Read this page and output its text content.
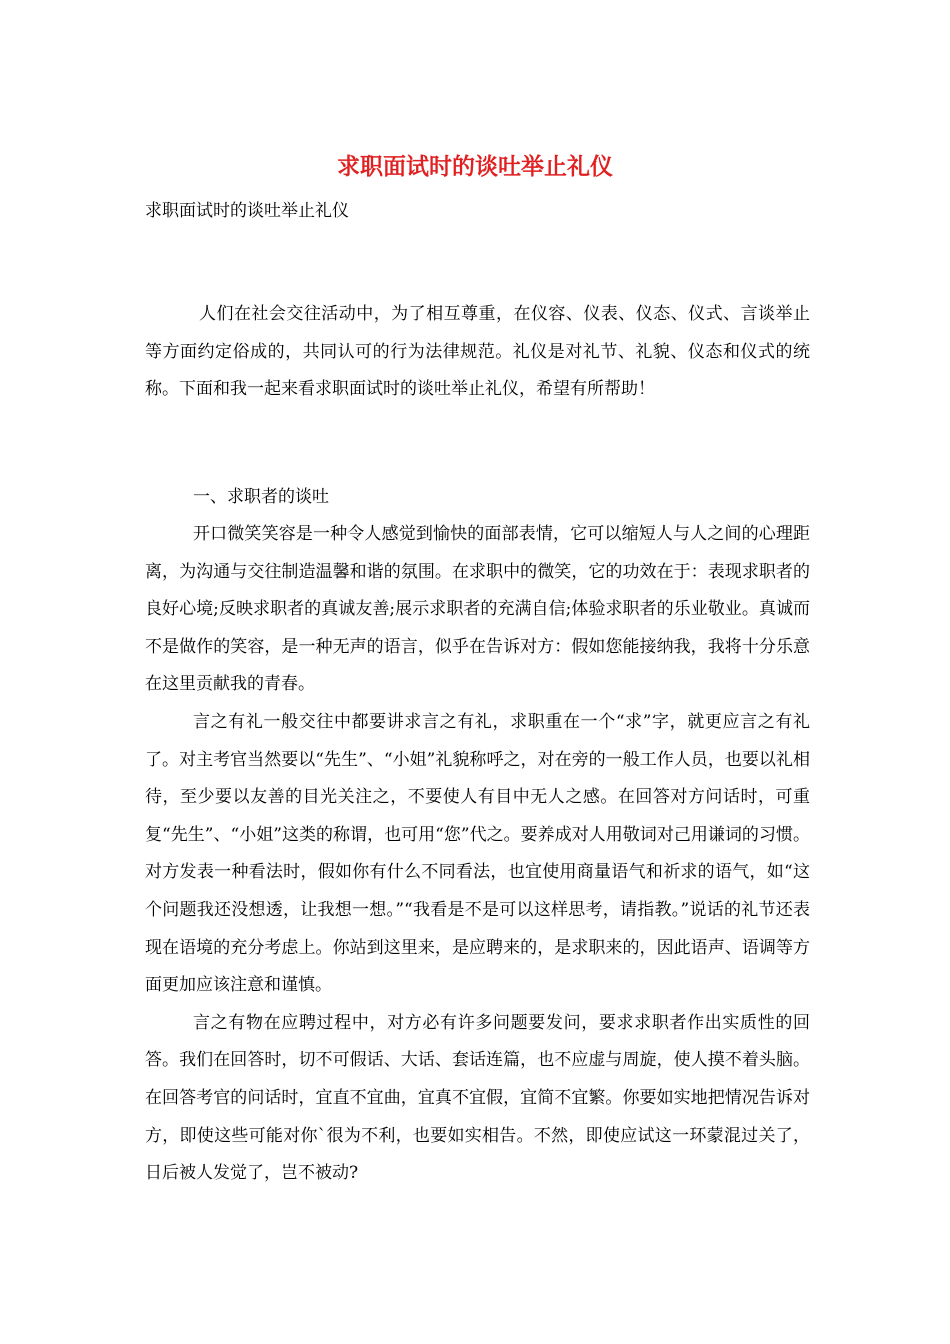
求职面试时的谈吐举止礼仪

求职面试时的谈吐举止礼仪

人们在社会交往活动中，为了相互尊重，在仪容、仪表、仪态、仪式、言谈举止等方面约定俗成的，共同认可的行为法律规范。礼仪是对礼节、礼貌、仪态和仪式的统称。下面和我一起来看求职面试时的谈吐举止礼仪，希望有所帮助！

一、求职者的谈吐

开口微笑笑容是一种令人感觉到愉快的面部表情，它可以缩短人与人之间的心理距离，为沟通与交往制造温馨和谐的氛围。在求职中的微笑，它的功效在于：表现求职者的良好心境;反映求职者的真诚友善;展示求职者的充满自信;体验求职者的乐业敬业。真诚而不是做作的笑容，是一种无声的语言，似乎在告诉对方：假如您能接纳我，我将十分乐意在这里贡献我的青春。

言之有礼一般交往中都要讲求言之有礼，求职重在一个“求”字，就更应言之有礼了。对主考官当然要以“先生”、“小姐”礼貌称呼之，对在旁的一般工作人员，也要以礼相待，至少要以友善的目光关注之，不要使人有目中无人之感。在回答对方问话时，可重复“先生”、“小姐”这类的称谓，也可用“您”代之。要养成对人用敬词对己用谦词的习惯。对方发表一种看法时，假如你有什么不同看法，也宜使用商量语气和祈求的语气，如“这个问题我还没想透，让我想一想。”“我看是不是可以这样思考，请指教。”说话的礼节还表现在语境的充分考虑上。你站到这里来，是应聘来的，是求职来的，因此语声、语调等方面更加应该注意和谨慎。

言之有物在应聘过程中，对方必有许多问题要发问，要求求职者作出实质性的回答。我们在回答时，切不可假话、大话、套话连篇，也不应虚与周旋，使人摸不着头脑。在回答考官的问话时，宜直不宜曲，宜真不宜假，宜简不宜繁。你要如实地把情况告诉对方，即使这些可能对你`很为不利，也要如实相告。不然，即使应试这一环蒙混过关了，日后被人发觉了，岂不被动?
